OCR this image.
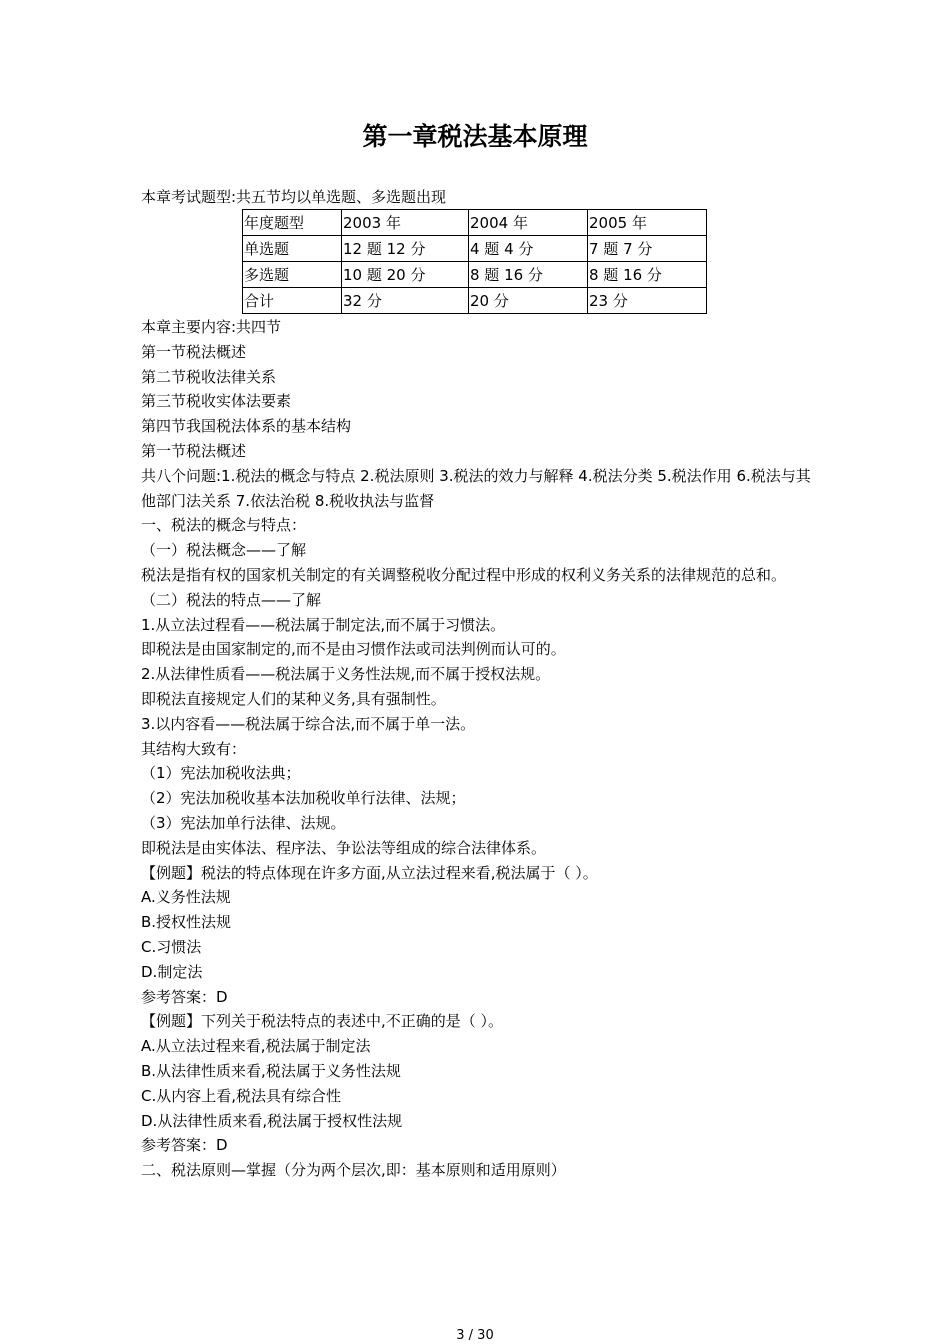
第一章税法基本原理
本章考试题型:共五节均以单选题、多选题出现
年度题型	2003 年	2004 年	2005 年
单选题	12 题 12 分	4 题 4 分	7 题 7 分
多选题	10 题 20 分	8 题 16 分	8 题 16 分
合计	32 分	20 分	23 分

本章主要内容:共四节

第一节税法概述

第二节税收法律关系

第三节税收实体法要素

第四节我国税法体系的基本结构

第一节税法概述

共八个问题:1.税法的概念与特点 2.税法原则 3.税法的效力与解释 4.税法分类 5.税法作用 6.税法与其他部门法关系 7.依法治税 8.税收执法与监督

一、税法的概念与特点：

（一）税法概念——了解

税法是指有权的国家机关制定的有关调整税收分配过程中形成的权利义务关系的法律规范的总和。

（二）税法的特点——了解

1.从立法过程看——税法属于制定法,而不属于习惯法。

即税法是由国家制定的,而不是由习惯作法或司法判例而认可的。

2.从法律性质看——税法属于义务性法规,而不属于授权法规。

即税法直接规定人们的某种义务,具有强制性。

3.以内容看——税法属于综合法,而不属于单一法。

其结构大致有：

（1）宪法加税收法典；

（2）宪法加税收基本法加税收单行法律、法规；

（3）宪法加单行法律、法规。

即税法是由实体法、程序法、争讼法等组成的综合法律体系。

【例题】税法的特点体现在许多方面,从立法过程来看,税法属于（ ）。

A.义务性法规

B.授权性法规

C.习惯法

D.制定法

参考答案：D

【例题】下列关于税法特点的表述中,不正确的是（ ）。

A.从立法过程来看,税法属于制定法

B.从法律性质来看,税法属于义务性法规

C.从内容上看,税法具有综合性

D.从法律性质来看,税法属于授权性法规

参考答案：D

二、税法原则—掌握（分为两个层次,即：基本原则和适用原则）

3 / 30
